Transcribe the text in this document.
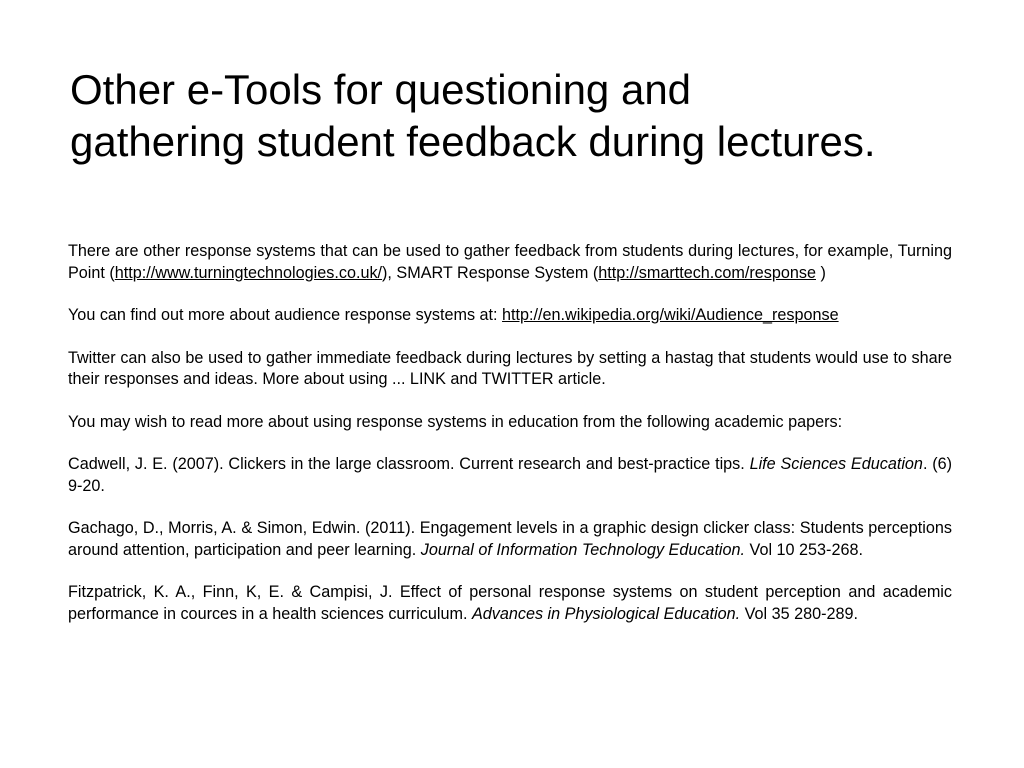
Other e-Tools for questioning and
gathering student feedback during lectures.

There are other response systems that can be used to gather feedback from students during lectures, for example, Turning Point (http://www.turningtechnologies.co.uk/), SMART Response System (http://smarttech.com/response )

You can find out more about audience response systems at: http://en.wikipedia.org/wiki/Audience_response

Twitter can also be used to gather immediate feedback during lectures by setting a hastag that students would use to share their responses and ideas. More about using ... LINK and TWITTER article.

You may wish to read more about using response systems in education from the following academic papers:

Cadwell, J. E. (2007). Clickers in the large classroom. Current research and best-practice tips. Life Sciences Education. (6) 9-20.

Gachago, D., Morris, A. & Simon, Edwin. (2011). Engagement levels in a graphic design clicker class: Students perceptions around attention, participation and peer learning. Journal of Information Technology Education. Vol 10 253-268.

Fitzpatrick, K. A., Finn, K, E. & Campisi, J. Effect of personal response systems on student perception and academic performance in cources in a health sciences curriculum. Advances in Physiological Education. Vol 35 280-289.
